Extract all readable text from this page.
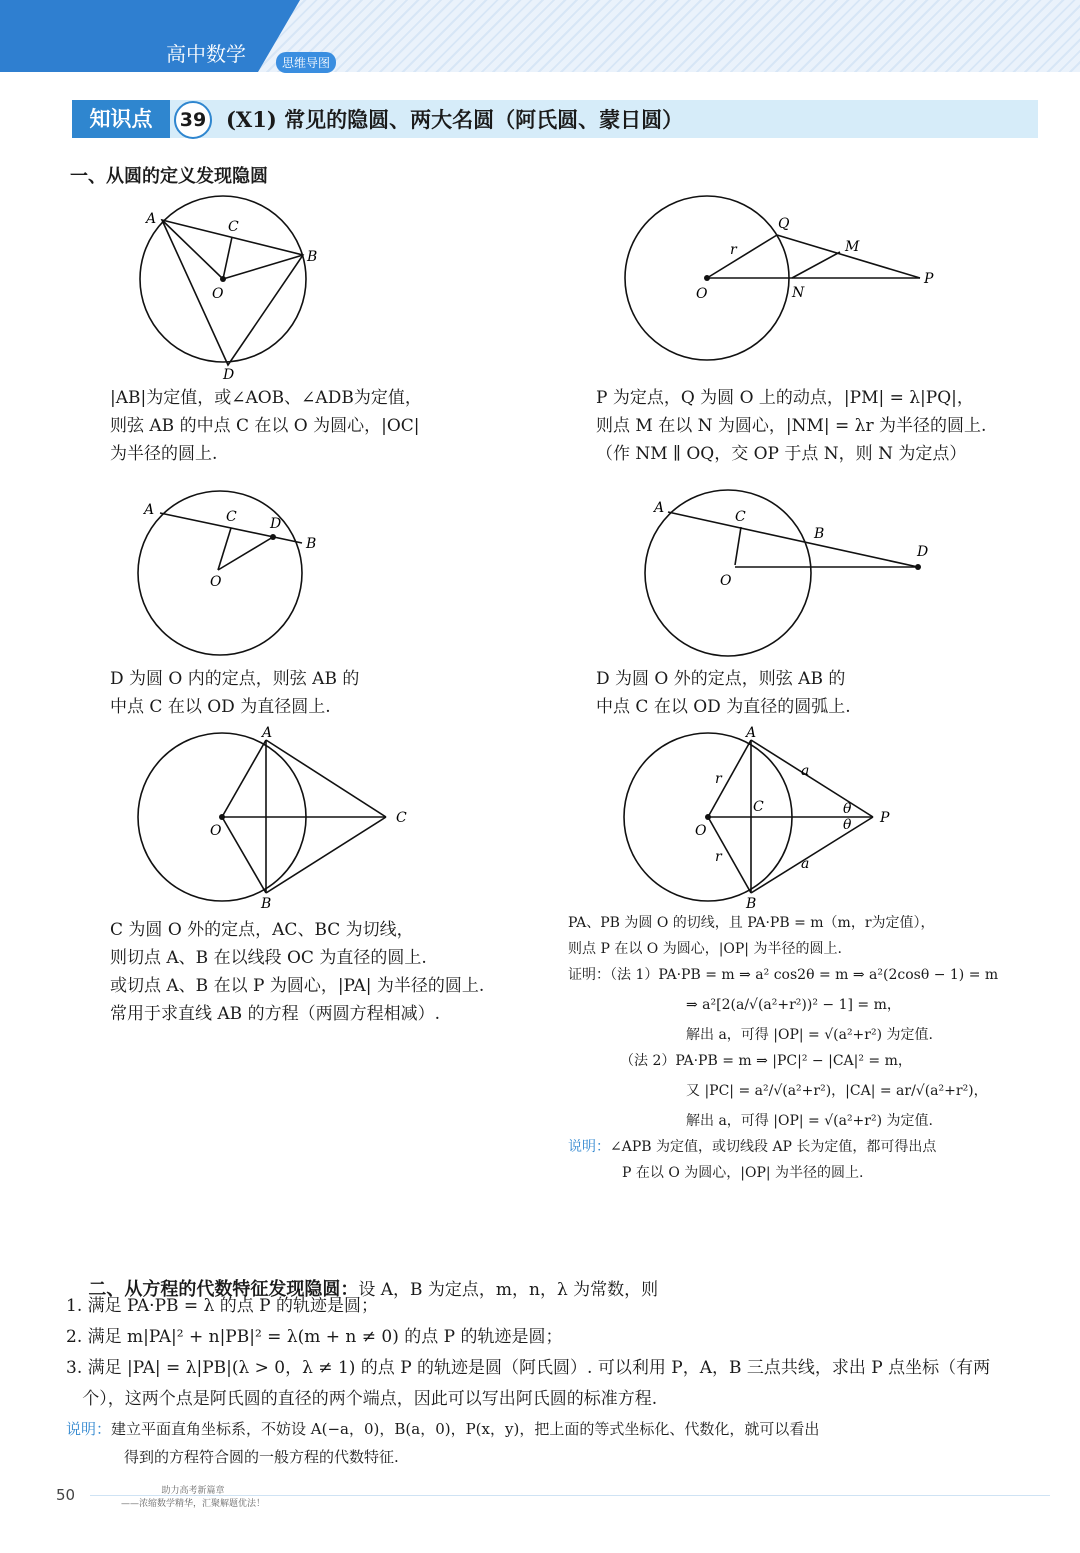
高中数学	思维导图
知识点	39 (X1) 常见的隐圆、两大名圆（阿氏圆、蒙日圆）
一、从圆的定义发现隐圆
A	C
B
O
D
|AB|为定值，或∠AOB、∠ADB为定值，
则弦 AB 的中点 C 在以 O 为圆心，|OC|
为半径的圆上.
Q
M
r
O	N
P
P 为定点，Q 为圆 O 上的动点，|PM| = λ|PQ|，
则点 M 在以 N 为圆心，|NM| = λr 为半径的圆上.
（作 NM ∥ OQ，交 OP 于点 N，则 N 为定点）
A	C D
B
O
D 为圆 O 内的定点，则弦 AB 的
中点 C 在以 OD 为直径圆上.
A
C
B
D
O
D 为圆 O 外的定点，则弦 AB 的
中点 C 在以 OD 为直径的圆弧上.
A
O
C
B
C 为圆 O 外的定点，AC、BC 为切线，
则切点 A、B 在以线段 OC 为直径的圆上.
或切点 A、B 在以 P 为圆心，|PA| 为半径的圆上.
常用于求直线 AB 的方程（两圆方程相减）.
A
a
r
C
O
θ
θ P
r	a
B
PA、PB 为圆 O 的切线，且 PA·PB = m（m，r为定值），
则点 P 在以 O 为圆心，|OP| 为半径的圆上.
证明：（法 1）PA·PB = m ⇒ a² cos2θ = m ⇒ a²(2cosθ − 1) = m
⇒ a²[2(a/√(a²+r²))² − 1] = m，
解出 a，可得 |OP| = √(a²+r²) 为定值.
（法 2）PA·PB = m ⇒ |PC|² − |CA|² = m，
又 |PC| = a²/√(a²+r²)，|CA| = ar/√(a²+r²)，
解出 a，可得 |OP| = √(a²+r²) 为定值.
说明：∠APB 为定值，或切线段 AP 长为定值，都可得出点
P 在以 O 为圆心，|OP| 为半径的圆上.

二、从方程的代数特征发现隐圆：设 A，B 为定点，m，n，λ 为常数，则

1. 满足 PA·PB = λ 的点 P 的轨迹是圆；
2. 满足 m|PA|² + n|PB|² = λ(m + n ≠ 0) 的点 P 的轨迹是圆；
3. 满足 |PA| = λ|PB|(λ > 0，λ ≠ 1) 的点 P 的轨迹是圆（阿氏圆）. 可以利用 P，A，B 三点共线，求出 P 点坐标（有两
个），这两个点是阿氏圆的直径的两个端点，因此可以写出阿氏圆的标准方程.
说明：建立平面直角坐标系，不妨设 A(−a，0)，B(a，0)，P(x，y)，把上面的等式坐标化、代数化，就可以看出
得到的方程符合圆的一般方程的代数特征.
50	助力高考新篇章
——浓缩数学精华，汇聚解题优法！
